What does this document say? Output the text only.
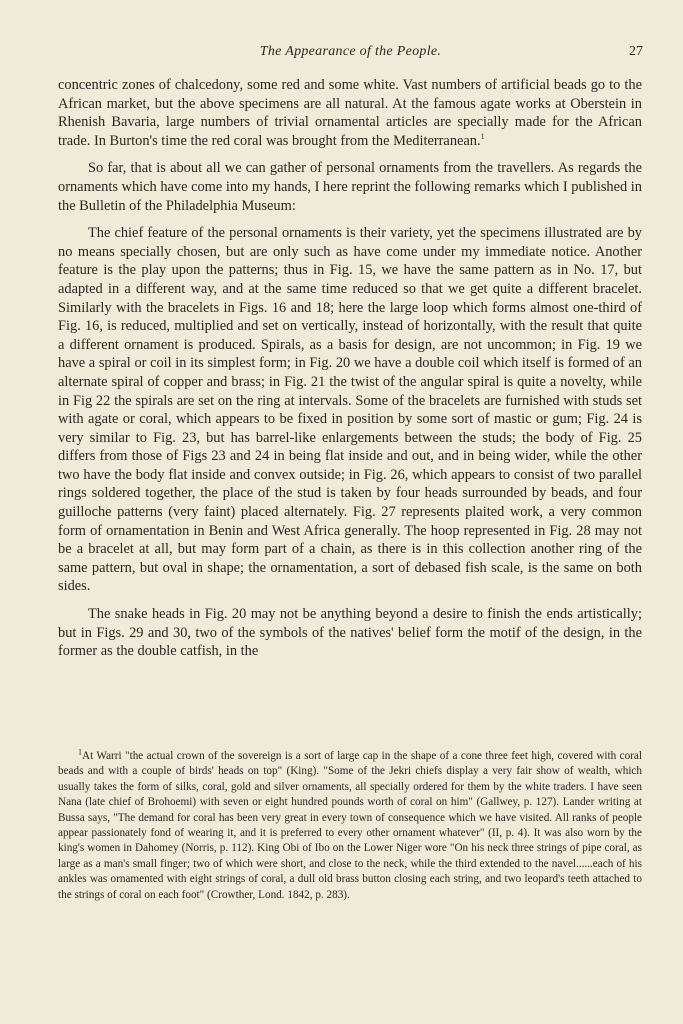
The Appearance of the People.	27

concentric zones of chalcedony, some red and some white. Vast numbers of artificial beads go to the African market, but the above specimens are all natural. At the famous agate works at Oberstein in Rhenish Bavaria, large numbers of trivial ornamental articles are specially made for the African trade. In Burton's time the red coral was brought from the Mediterranean.$^1$

So far, that is about all we can gather of personal ornaments from the travellers. As regards the ornaments which have come into my hands, I here reprint the following remarks which I published in the Bulletin of the Philadelphia Museum:

The chief feature of the personal ornaments is their variety, yet the specimens illustrated are by no means specially chosen, but are only such as have come under my immediate notice. Another feature is the play upon the patterns; thus in Fig. 15, we have the same pattern as in No. 17, but adapted in a different way, and at the same time reduced so that we get quite a different bracelet. Similarly with the bracelets in Figs. 16 and 18; here the large loop which forms almost one-third of Fig. 16, is reduced, multiplied and set on vertically, instead of horizontally, with the result that quite a different ornament is produced. Spirals, as a basis for design, are not uncommon; in Fig. 19 we have a spiral or coil in its simplest form; in Fig. 20 we have a double coil which itself is formed of an alternate spiral of copper and brass; in Fig. 21 the twist of the angular spiral is quite a novelty, while in Fig 22 the spirals are set on the ring at intervals. Some of the bracelets are furnished with studs set with agate or coral, which appears to be fixed in position by some sort of mastic or gum; Fig. 24 is very similar to Fig. 23, but has barrel-like enlargements between the studs; the body of Fig. 25 differs from those of Figs 23 and 24 in being flat inside and out, and in being wider, while the other two have the body flat inside and convex outside; in Fig. 26, which appears to consist of two parallel rings soldered together, the place of the stud is taken by four heads surrounded by beads, and four guilloche patterns (very faint) placed alternately. Fig. 27 represents plaited work, a very common form of ornamentation in Benin and West Africa generally. The hoop represented in Fig. 28 may not be a bracelet at all, but may form part of a chain, as there is in this collection another ring of the same pattern, but oval in shape; the ornamentation, a sort of debased fish scale, is the same on both sides.

The snake heads in Fig. 20 may not be anything beyond a desire to finish the ends artistically; but in Figs. 29 and 30, two of the symbols of the natives' belief form the motif of the design, in the former as the double catfish, in the

$^1$At Warri "the actual crown of the sovereign is a sort of large cap in the shape of a cone three feet high, covered with coral beads and with a couple of birds' heads on top" (King). "Some of the Jekri chiefs display a very fair show of wealth, which usually takes the form of silks, coral, gold and silver ornaments, all specially ordered for them by the white traders. I have seen Nana (late chief of Brohoemi) with seven or eight hundred pounds worth of coral on him" (Gallwey, p. 127). Lander writing at Bussa says, "The demand for coral has been very great in every town of consequence which we have visited. All ranks of people appear passionately fond of wearing it, and it is preferred to every other ornament whatever" (II, p. 4). It was also worn by the king's women in Dahomey (Norris, p. 112). King Obi of Ibo on the Lower Niger wore "On his neck three strings of pipe coral, as large as a man's small finger; two of which were short, and close to the neck, while the third extended to the navel......each of his ankles was ornamented with eight strings of coral, a dull old brass button closing each string, and two leopard's teeth attached to the strings of coral on each foot" (Crowther, Lond. 1842, p. 283).
